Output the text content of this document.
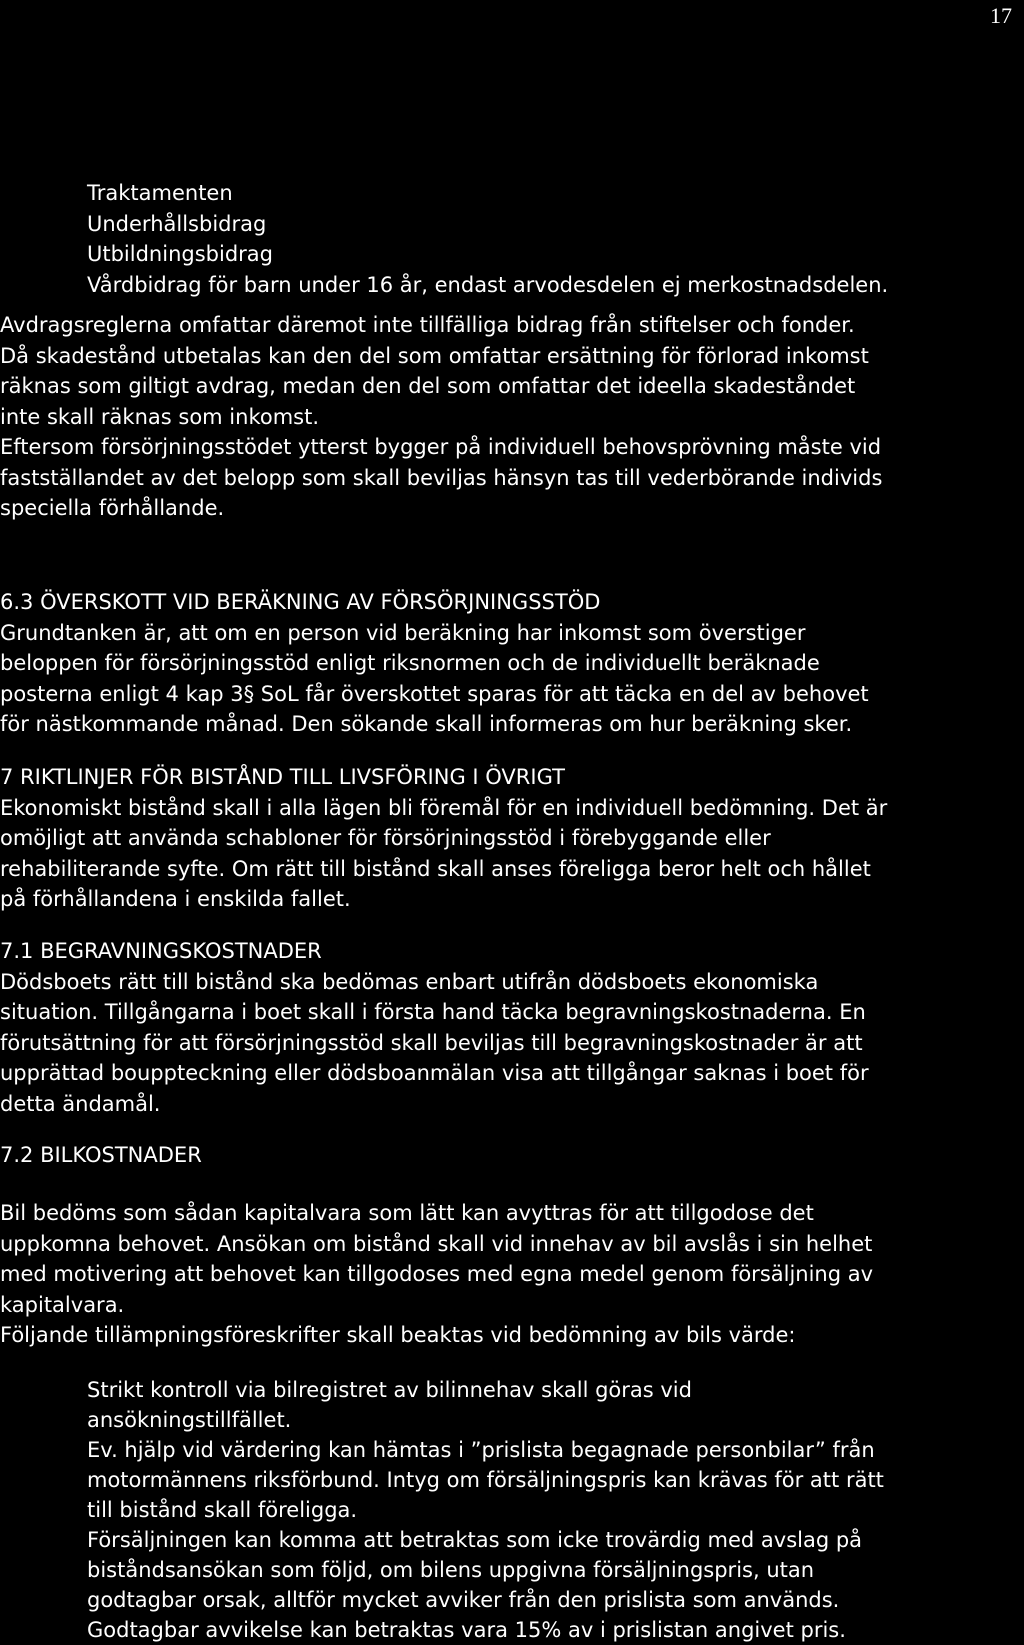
17
Traktamenten
Underhållsbidrag
Utbildningsbidrag
Vårdbidrag för barn under 16 år, endast arvodesdelen ej merkostnadsdelen.
Avdragsreglerna omfattar däremot inte tillfälliga bidrag från stiftelser och fonder.
Då skadestånd utbetalas kan den del som omfattar ersättning för förlorad inkomst
räknas som giltigt avdrag, medan den del som omfattar det ideella skadeståndet
inte skall räknas som inkomst.
Eftersom försörjningsstödet ytterst bygger på individuell behovsprövning måste vid
fastställandet av det belopp som skall beviljas hänsyn tas till vederbörande individs
speciella förhållande.
6.3 ÖVERSKOTT VID BERÄKNING AV FÖRSÖRJNINGSSTÖD
Grundtanken är, att om en person vid beräkning har inkomst som överstiger
beloppen för försörjningsstöd enligt riksnormen och de individuellt beräknade
posterna enligt 4 kap 3§ SoL får överskottet sparas för att täcka en del av behovet
för nästkommande månad. Den sökande skall informeras om hur beräkning sker.
7 RIKTLINJER FÖR BISTÅND TILL LIVSFÖRING I ÖVRIGT
Ekonomiskt bistånd skall i alla lägen bli föremål för en individuell bedömning. Det är
omöjligt att använda schabloner för försörjningsstöd i förebyggande eller
rehabiliterande syfte. Om rätt till bistånd skall anses föreligga beror helt och hållet
på förhållandena i enskilda fallet.
7.1 BEGRAVNINGSKOSTNADER
Dödsboets rätt till bistånd ska bedömas enbart utifrån dödsboets ekonomiska
situation. Tillgångarna i boet skall i första hand täcka begravningskostnaderna. En
förutsättning för att försörjningsstöd skall beviljas till begravningskostnader är att
upprättad bouppteckning eller dödsboanmälan visa att tillgångar saknas i boet för
detta ändamål.
7.2 BILKOSTNADER
Bil bedöms som sådan kapitalvara som lätt kan avyttras för att tillgodose det
uppkomna behovet. Ansökan om bistånd skall vid innehav av bil avslås i sin helhet
med motivering att behovet kan tillgodoses med egna medel genom försäljning av
kapitalvara.
Följande tillämpningsföreskrifter skall beaktas vid bedömning av bils värde:
Strikt kontroll via bilregistret av bilinnehav skall göras vid
ansökningstillfället.
Ev. hjälp vid värdering kan hämtas i ”prislista begagnade personbilar” från
motormännens riksförbund. Intyg om försäljningspris kan krävas för att rätt
till bistånd skall föreligga.
Försäljningen kan komma att betraktas som icke trovärdig med avslag på
biståndsansökan som följd, om bilens uppgivna försäljningspris, utan
godtagbar orsak, alltför mycket avviker från den prislista som används.
Godtagbar avvikelse kan betraktas vara 15% av i prislistan angivet pris.
